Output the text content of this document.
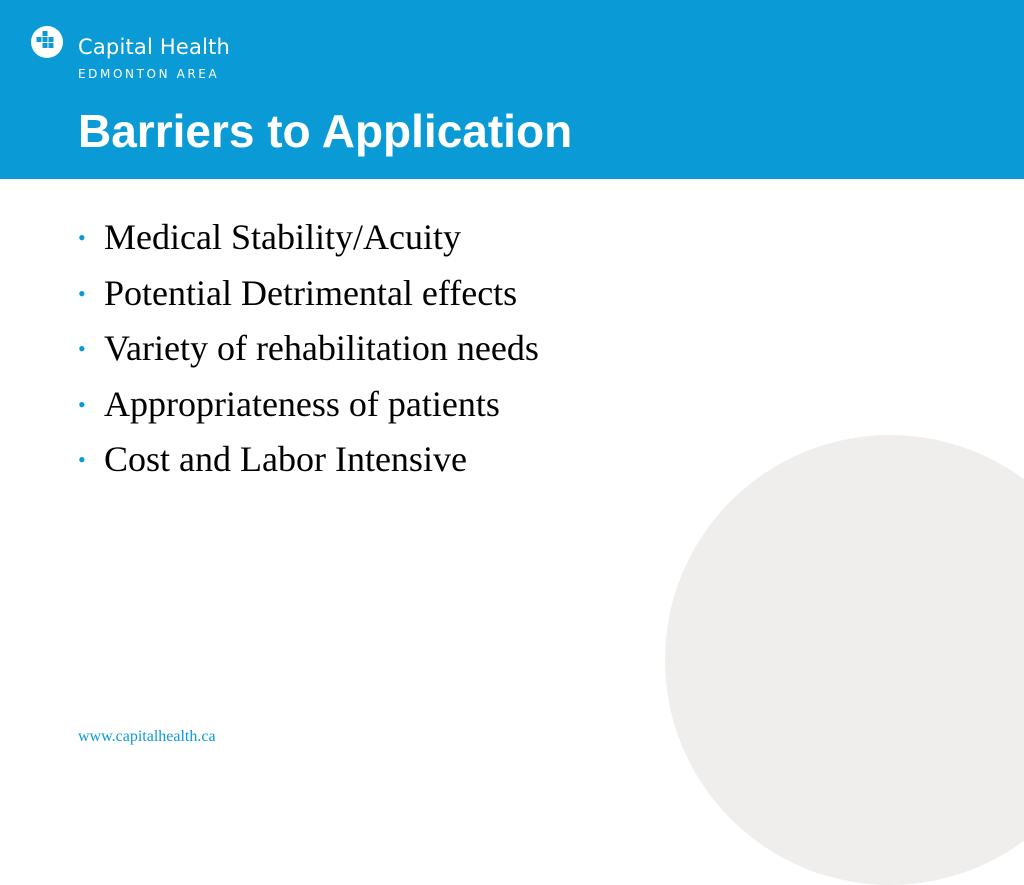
Capital Health
EDMONTON AREA
Barriers to Application
• Medical Stability/Acuity
• Potential Detrimental effects
• Variety of rehabilitation needs
• Appropriateness of patients
• Cost and Labor Intensive
www.capitalhealth.ca
